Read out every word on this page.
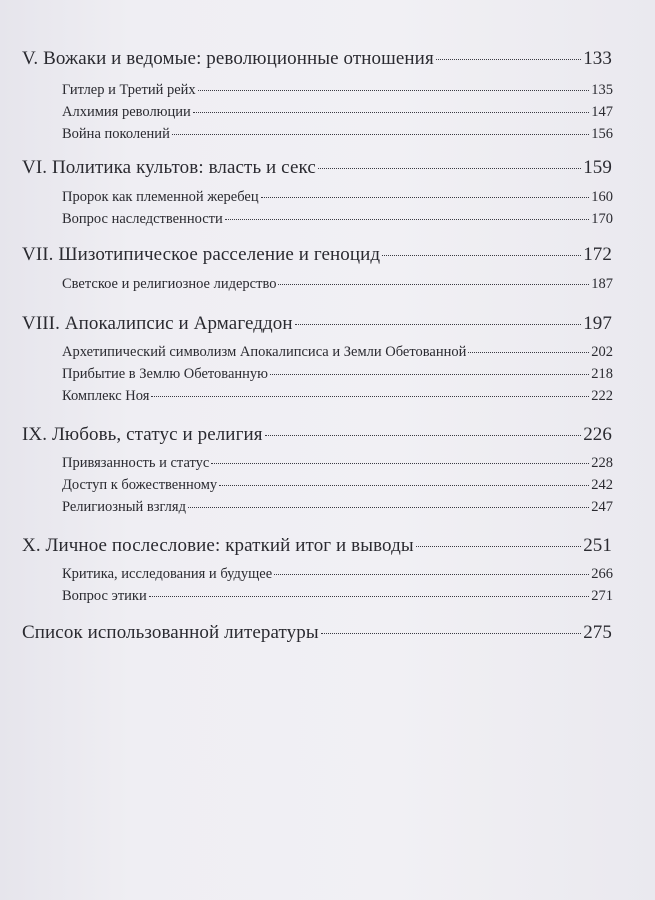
V. Вожаки и ведомые: революционные отношения	133
Гитлер и Третий рейх	135
Алхимия революции	147
Война поколений	156
VI. Политика культов: власть и секс	159
Пророк как племенной жеребец	160
Вопрос наследственности	170
VII. Шизотипическое расселение и геноцид	172
Светское и религиозное лидерство	187
VIII. Апокалипсис и Армагеддон	197
Архетипический символизм Апокалипсиса и Земли Обетованной	202
Прибытие в Землю Обетованную	218
Комплекс Ноя	222
IX. Любовь, статус и религия	226
Привязанность и статус	228
Доступ к божественному	242
Религиозный взгляд	247
X. Личное послесловие: краткий итог и выводы	251
Критика, исследования и будущее	266
Вопрос этики	271
Список использованной литературы	275
